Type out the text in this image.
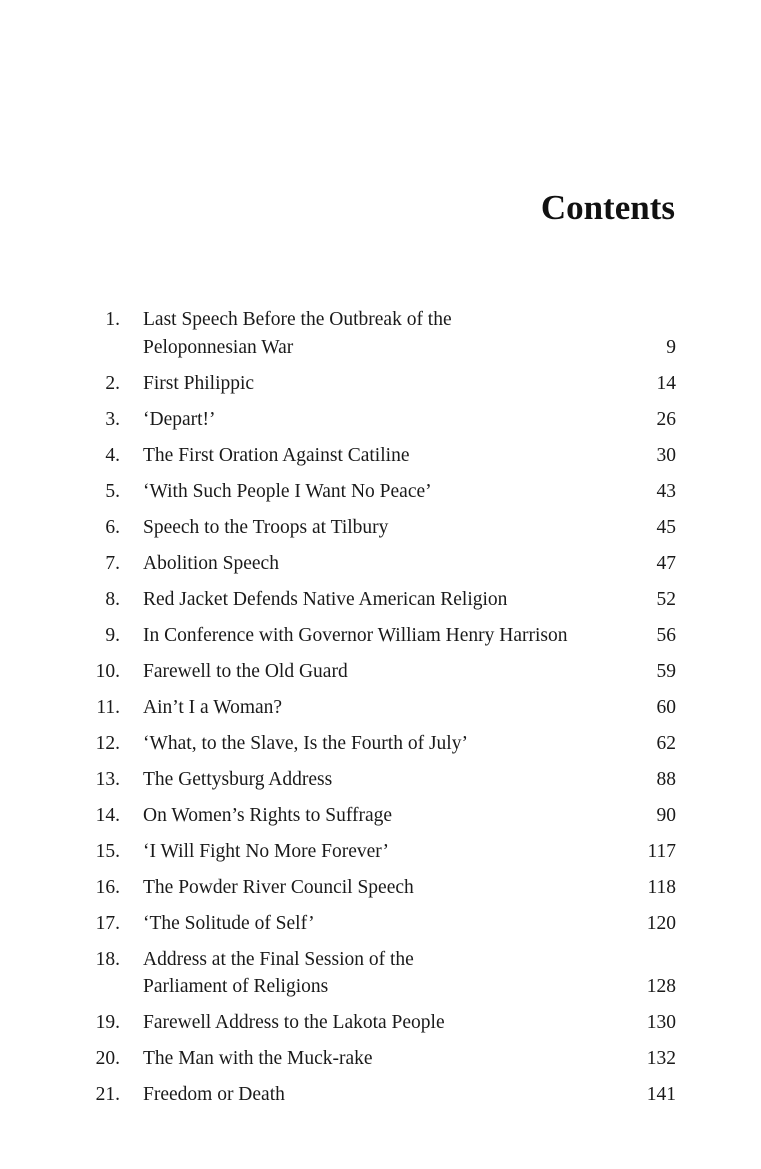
Contents
1. Last Speech Before the Outbreak of the
Peloponnesian War	9
2. First Philippic	14
3. ‘Depart!’	26
4. The First Oration Against Catiline	30
5. ‘With Such People I Want No Peace’	43
6. Speech to the Troops at Tilbury	45
7. Abolition Speech	47
8. Red Jacket Defends Native American Religion	52
9. In Conference with Governor William Henry Harrison	56
10. Farewell to the Old Guard	59
11. Ain’t I a Woman?	60
12. ‘What, to the Slave, Is the Fourth of July’	62
13. The Gettysburg Address	88
14. On Women’s Rights to Suffrage	90
15. ‘I Will Fight No More Forever’	117
16. The Powder River Council Speech	118
17. ‘The Solitude of Self’	120
18. Address at the Final Session of the
Parliament of Religions	128
19. Farewell Address to the Lakota People	130
20. The Man with the Muck-rake	132
21. Freedom or Death	141
